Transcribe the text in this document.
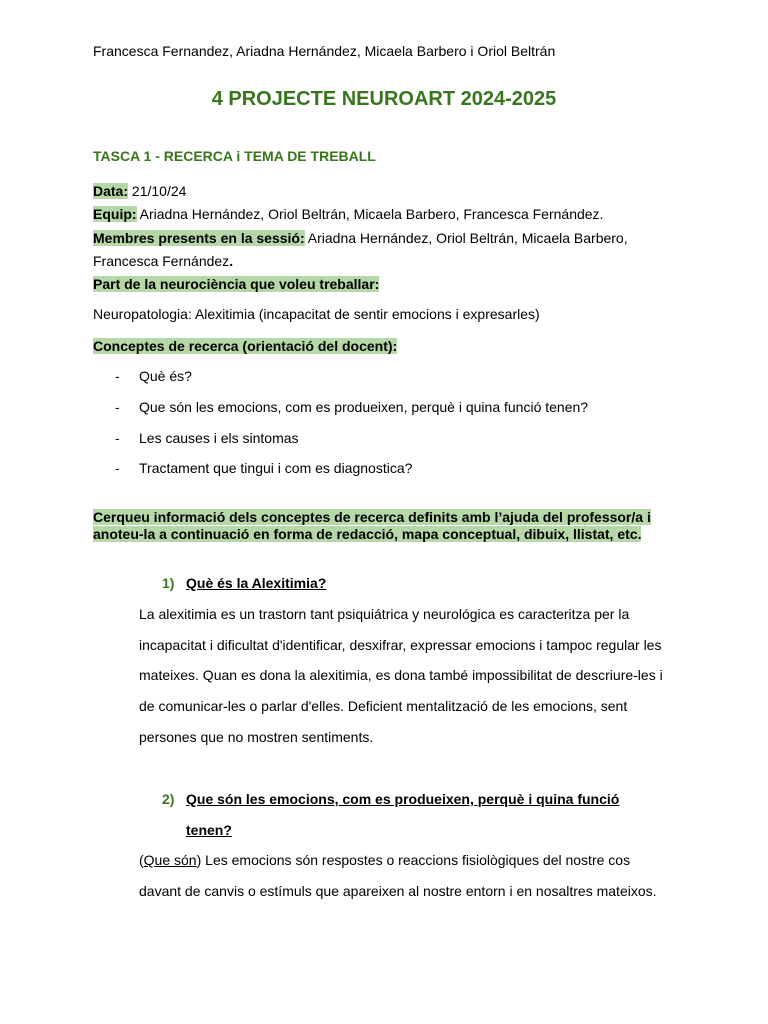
Francesca Fernandez, Ariadna Hernández, Micaela Barbero i Oriol Beltrán
4 PROJECTE NEUROART 2024-2025
TASCA 1 - RECERCA i TEMA DE TREBALL
Data: 21/10/24
Equip: Ariadna Hernández, Oriol Beltrán, Micaela Barbero, Francesca Fernández.
Membres presents en la sessió: Ariadna Hernández, Oriol Beltrán, Micaela Barbero,
Francesca Fernández.
Part de la neurociència que voleu treballar:
Neuropatologia: Alexitimia (incapacitat de sentir emocions i expresarles)
Conceptes de recerca (orientació del docent):
- Què és?
- Que són les emocions, com es produeixen, perquè i quina funció tenen?
- Les causes i els sintomas
- Tractament que tingui i com es diagnostica?
Cerqueu informació dels conceptes de recerca definits amb l’ajuda del professor/a i
anoteu-la a continuació en forma de redacció, mapa conceptual, dibuix, llistat, etc.
1) Què és la Alexitimia?
La alexitimia es un trastorn tant psiquiátrica y neurológica es caracteritza per la
incapacitat i dificultat d'identificar, desxifrar, expressar emocions i tampoc regular les
mateixes. Quan es dona la alexitimia, es dona també impossibilitat de descriure-les i
de comunicar-les o parlar d'elles. Deficient mentalització de les emocions, sent
persones que no mostren sentiments.
2) Que són les emocions, com es produeixen, perquè i quina funció
tenen?
(Que són) Les emocions són respostes o reaccions fisiològiques del nostre cos
davant de canvis o estímuls que apareixen al nostre entorn i en nosaltres mateixos.
